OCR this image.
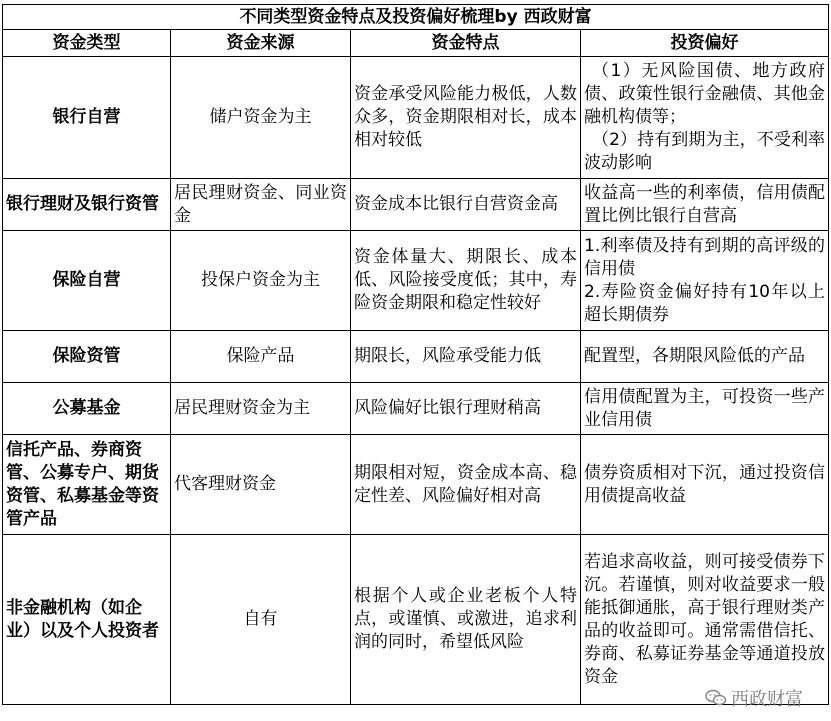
不同类型资金特点及投资偏好梳理by 西政财富			
资金类型	资金来源	资金特点	投资偏好
银行自营	储户资金为主	资金承受风险能力极低，人数众多，资金期限相对长，成本相对较低	（1）无风险国债、地方政府债、政策性银行金融债、其他金融机构债等；
（2）持有到期为主，不受利率波动影响

银行理财及银行资管	居民理财资金、同业资金	资金成本比银行自营资金高	收益高一些的利率债，信用债配置比例比银行自营高

保险自营	投保户资金为主	资金体量大、期限长、成本低、风险接受度低；其中，寿险资金期限和稳定性较好	1.利率债及持有到期的高评级的信用债
2.寿险资金偏好持有10年以上超长期债券

保险资管	保险产品	期限长，风险承受能力低	配置型，各期限风险低的产品

公募基金	居民理财资金为主	风险偏好比银行理财稍高	信用债配置为主，可投资一些产业信用债

信托产品、券商资管、公募专户、期货资管、私募基金等资管产品	代客理财资金	期限相对短，资金成本高、稳定性差、风险偏好相对高	债券资质相对下沉，通过投资信用债提高收益

非金融机构（如企业）以及个人投资者	自有	根据个人或企业老板个人特点，或谨慎、或激进，追求利润的同时，希望低风险	若追求高收益，则可接受债券下沉。若谨慎，则对收益要求一般能抵御通胀，高于银行理财类产品的收益即可。通常需借信托、券商、私募证券基金等通道投放资金
西政财富
